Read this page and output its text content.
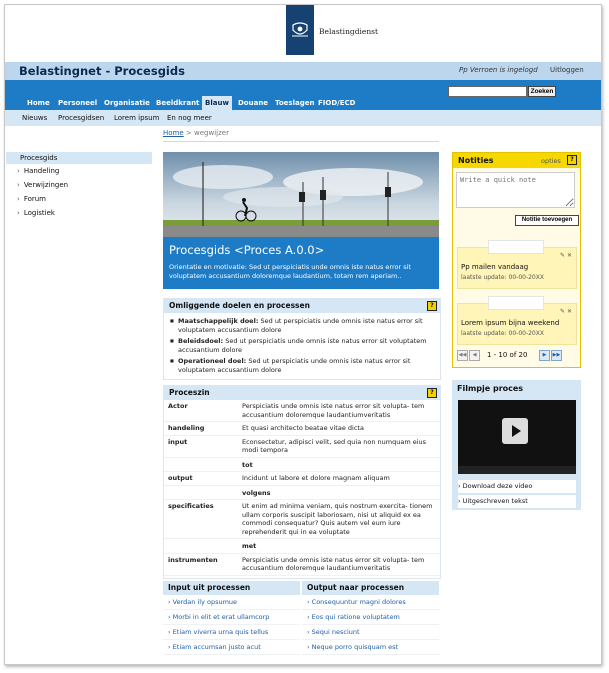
Belastingdienst
Belastingnet - Procesgids	Pp Verroen is ingelogd Uitloggen
Home Personeel Organisatie Beeldkrant Blauw	Douane Toeslagen FIOD/ECD
Zoeken
Nieuws Procesgidsen Lorem ipsum En nog meer
Home > wegwijzer
Procesgids
› Handeling
› Verwijzingen
› Forum
› Logistiek
Procesgids <Proces A.0.0>
Orientatie en motivatie: Sed ut perspiciatis unde omnis iste natus error sit voluptatem accusantium doloremque laudantium, totam rem aperiam..
Omliggende doelen en processen	?
■ Maatschappelijk doel: Sed ut perspiciatis unde omnis iste natus error sit voluptatem accusantium dolore
■ Beleidsdoel: Sed ut perspiciatis unde omnis iste natus error sit voluptatem accusantium dolore
■ Operationeel doel: Sed ut perspiciatis unde omnis iste natus error sit voluptatem accusantium dolore
Proceszin	?
Actor	Perspiciatis unde omnis iste natus error sit volupta- tem accusantium doloremque laudantiumveritatis
handeling	Et quasi architecto beatae vitae dicta
input	Econsectetur, adipisci velit, sed quia non numquam eius modi tempora
	tot
output	Incidunt ut labore et dolore magnam aliquam
	volgens
specificaties	Ut enim ad minima veniam, quis nostrum exercita- tionem ullam corporis suscipit laboriosam, nisi ut aliquid ex ea commodi consequatur? Quis autem vel eum iure reprehenderit qui in ea voluptate
	met
instrumenten	Perspiciatis unde omnis iste natus error sit volupta- tem accusantium doloremque laudantiumveritatis
Input uit processen
› Verdan ily opsumue
› Morbi in elit et erat ullamcorp
› Etiam viverra urna quis tellus
› Etiam accumsan justo acut
Output naar processen
› Consequuntur magni dolores
› Eos qui ratione voluptatem
› Sequi nesciunt
› Neque porro quisquam est
Notities	opties	?
Write a quick note
Notitie toevoegen
✎ ✕
Pp mailen vandaag
laatste update: 00-00-20XX
✎ ✕
Lorem ipsum bijna weekend
laatste update: 00-00-20XX
◀◀	◀	1 - 10 of 20	▶	▶▶
Filmpje proces
› Download deze video
› Uitgeschreven tekst
